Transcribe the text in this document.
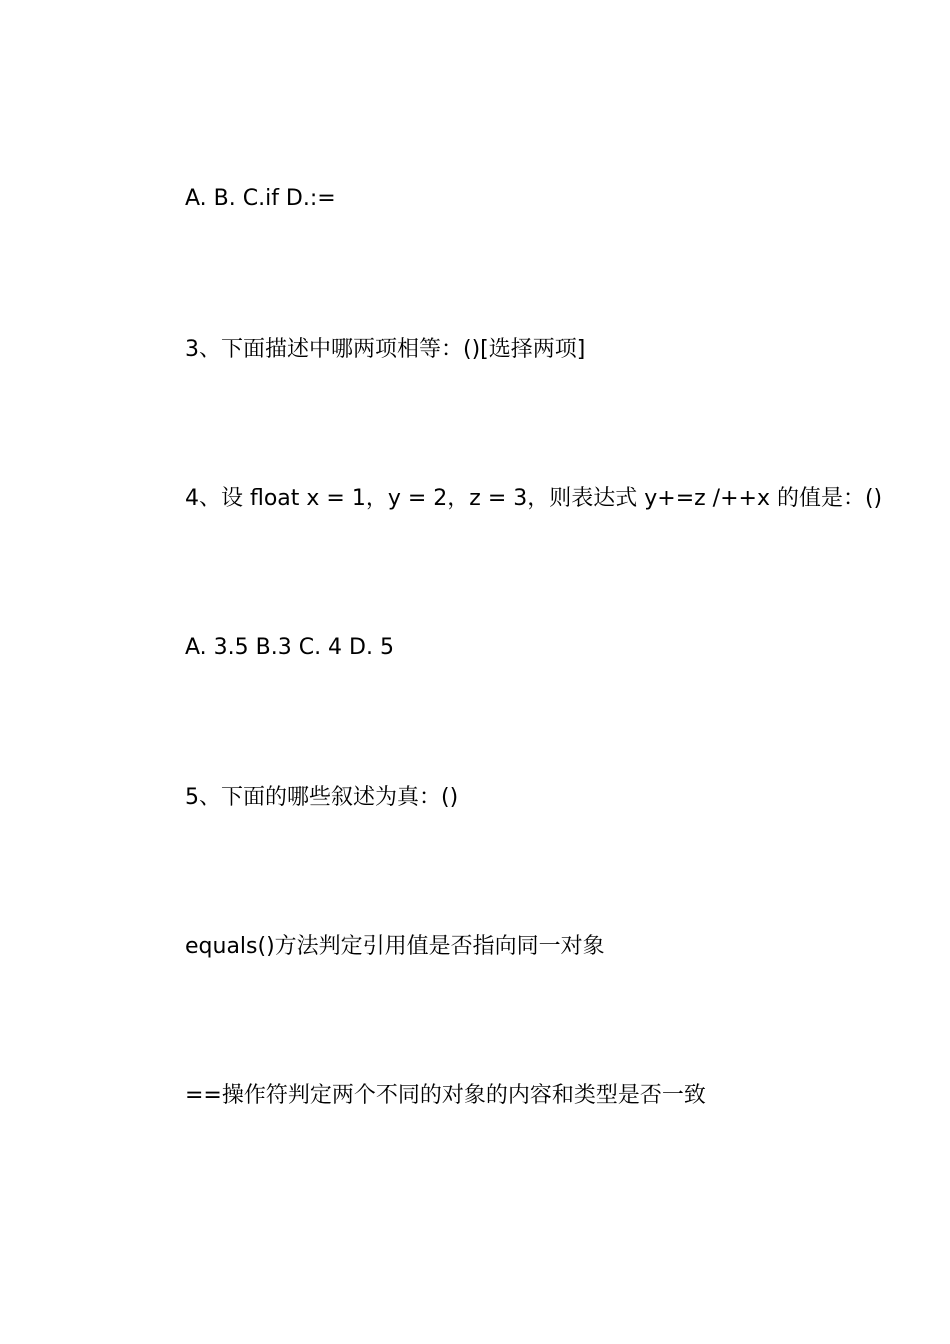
A. B. C.if D.:=
3、下面描述中哪两项相等：()[选择两项]
4、设 float x = 1，y = 2，z = 3，则表达式 y+=z /++x 的值是：()
A. 3.5 B.3 C. 4 D. 5
5、下面的哪些叙述为真：()
equals()方法判定引用值是否指向同一对象
==操作符判定两个不同的对象的内容和类型是否一致
